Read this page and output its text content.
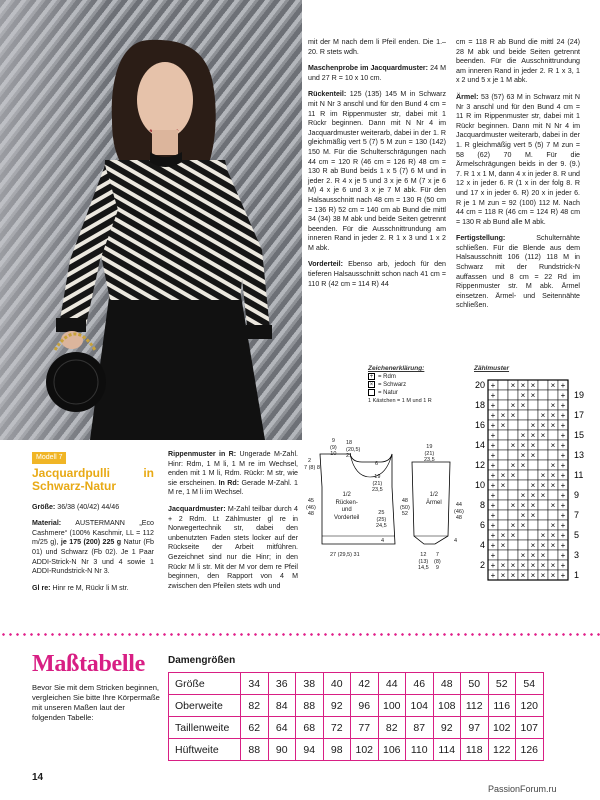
Modell 7
Jacquardpulli in Schwarz-Natur

Größe: 36/38 (40/42) 44/46

Material: AUSTERMANN „Eco Cashmere“ (100% Kaschmir, LL = 112 m/25 g), je 175 (200) 225 g Natur (Fb 01) und Schwarz (Fb 02). Je 1 Paar ADDI-Strick-N Nr 3 und 4 sowie 1 ADDI-Rundstrick-N Nr 3.

Gl re: Hinr re M, Rückr li M str.

Rippenmuster in R: Ungerade M-Zahl. Hinr: Rdm, 1 M li, 1 M re im Wechsel, enden mit 1 M li, Rdm. Rückr: M str, wie sie erscheinen. In Rd: Gerade M-Zahl. 1 M re, 1 M li im Wechsel.

Jacquardmuster: M-Zahl teilbar durch 4 + 2 Rdm. Lt Zählmuster gl re in Norwegertechnik str, dabei den unbenutzten Faden stets locker auf der Rückseite der Arbeit mitführen. Gezeichnet sind nur die Hinr; in den Rückr M li str. Mit der M vor dem re Pfeil beginnen, den Rapport von 4 M zwischen den Pfeilen stets wdh und

mit der M nach dem li Pfeil enden. Die 1.–20. R stets wdh.

Maschenprobe im Jacquardmuster: 24 M und 27 R = 10 x 10 cm.

Rückenteil: 125 (135) 145 M in Schwarz mit N Nr 3 anschl und für den Bund 4 cm = 11 R im Rippenmuster str, dabei mit 1 Rückr beginnen. Dann mit N Nr 4 im Jacquardmuster weiterarb, dabei in der 1. R gleichmäßig vert 5 (7) 5 M zun = 130 (142) 150 M. Für die Schulterschrägungen nach 44 cm = 120 R (46 cm = 126 R) 48 cm = 130 R ab Bund beids 1 x 5 (7) 6 M und in jeder 2. R 4 x je 5 und 3 x je 6 M (7 x je 6 M) 4 x je 6 und 3 x je 7 M abk. Für den Halsausschnitt nach 48 cm = 130 R (50 cm = 136 R) 52 cm = 140 cm ab Bund die mittl 34 (34) 38 M abk und beide Seiten getrennt beenden. Für die Ausschnittrundung am inneren Rand in jeder 2. R 1 x 3 und 1 x 2 M abk.

Vorderteil: Ebenso arb, jedoch für den tieferen Halsausschnitt schon nach 41 cm = 110 R (42 cm = 114 R) 44

cm = 118 R ab Bund die mittl 24 (24) 28 M abk und beide Seiten getrennt beenden. Für die Ausschnittrundung am inneren Rand in jeder 2. R 1 x 3, 1 x 2 und 5 x je 1 M abk.

Ärmel: 53 (57) 63 M in Schwarz mit N Nr 3 anschl und für den Bund 4 cm = 11 R im Rippenmuster str, dabei mit 1 Rückr beginnen. Dann mit N Nr 4 im Jacquardmuster weiterarb, dabei in der 1. R gleichmäßig vert 5 (5) 7 M zun = 58 (62) 70 M. Für die Ärmelschrägungen beids in der 9. (9.) 7. R 1 x 1 M, dann 4 x in jeder 8. R und 12 x in jeder 6. R (1 x in der folg 8. R und 17 x in jeder 6. R) 20 x in jeder 6. R je 1 M zun = 92 (100) 112 M. Nach 44 cm = 118 R (46 cm = 124 R) 48 cm = 130 R ab Bund alle M abk.

Fertigstellung:	Schulternähte schließen. Für die Blende aus dem Halsausschnitt 106 (112) 118 M in Schwarz mit der Rundstrick-N auffassen und 8 cm = 22 Rd im Rippenmuster str. M abk. Ärmel einsetzen. Ärmel- und Seitennähte schließen.

Zeichenerklärung:
+ = Rdm
× = Schwarz
= Natur
1 Kästchen = 1 M und 1 R
Zählmuster
9
(9)
10
18
(20,5)
21
2
7 (8) 8
6
19
(21)
23,5
45
(46)
48
1/2
Rücken-
und
Vorderteil
25
(25)
24,5
4
27 (29,5) 31
19
(21)
23,5
1/2
Ärmel
48
(50)
52
44
(46)
48
4
12
(13)
14,5
7
(8)
9
+ × × × × +
+	× ×	+
+ × ×	× +
+ × ×	× × +
+ ×	× × × +
+	× × × +
+ × × × × +
+	× ×	+
+ × ×	× +
+ × ×	× × +
+ ×	× × × +
+	× × × +
+ × × × × +
+	× ×	+
+ × ×	× +
+ × ×	× × +
+ ×	× × × +
+	× × × +
+ × × × × × × +
+ × × × × × × +
20
18
16
14
12
10
8
6
4
2
19
17
15
13
11
9
7
5
3
1
Maßtabelle
Bevor Sie mit dem Stricken beginnen, vergleichen Sie bitte Ihre Körpermaße mit unseren Maßen laut der folgenden Tabelle:
Damengrößen
Größe	34	36	38	40	42	44	46	48	50	52	54
Oberweite	82	84	88	92	96	100	104	108	112	116	120
Taillenweite	62	64	68	72	77	82	87	92	97	102	107
Hüftweite	88	90	94	98	102	106	110	114	118	122	126
14
PassionForum.ru
